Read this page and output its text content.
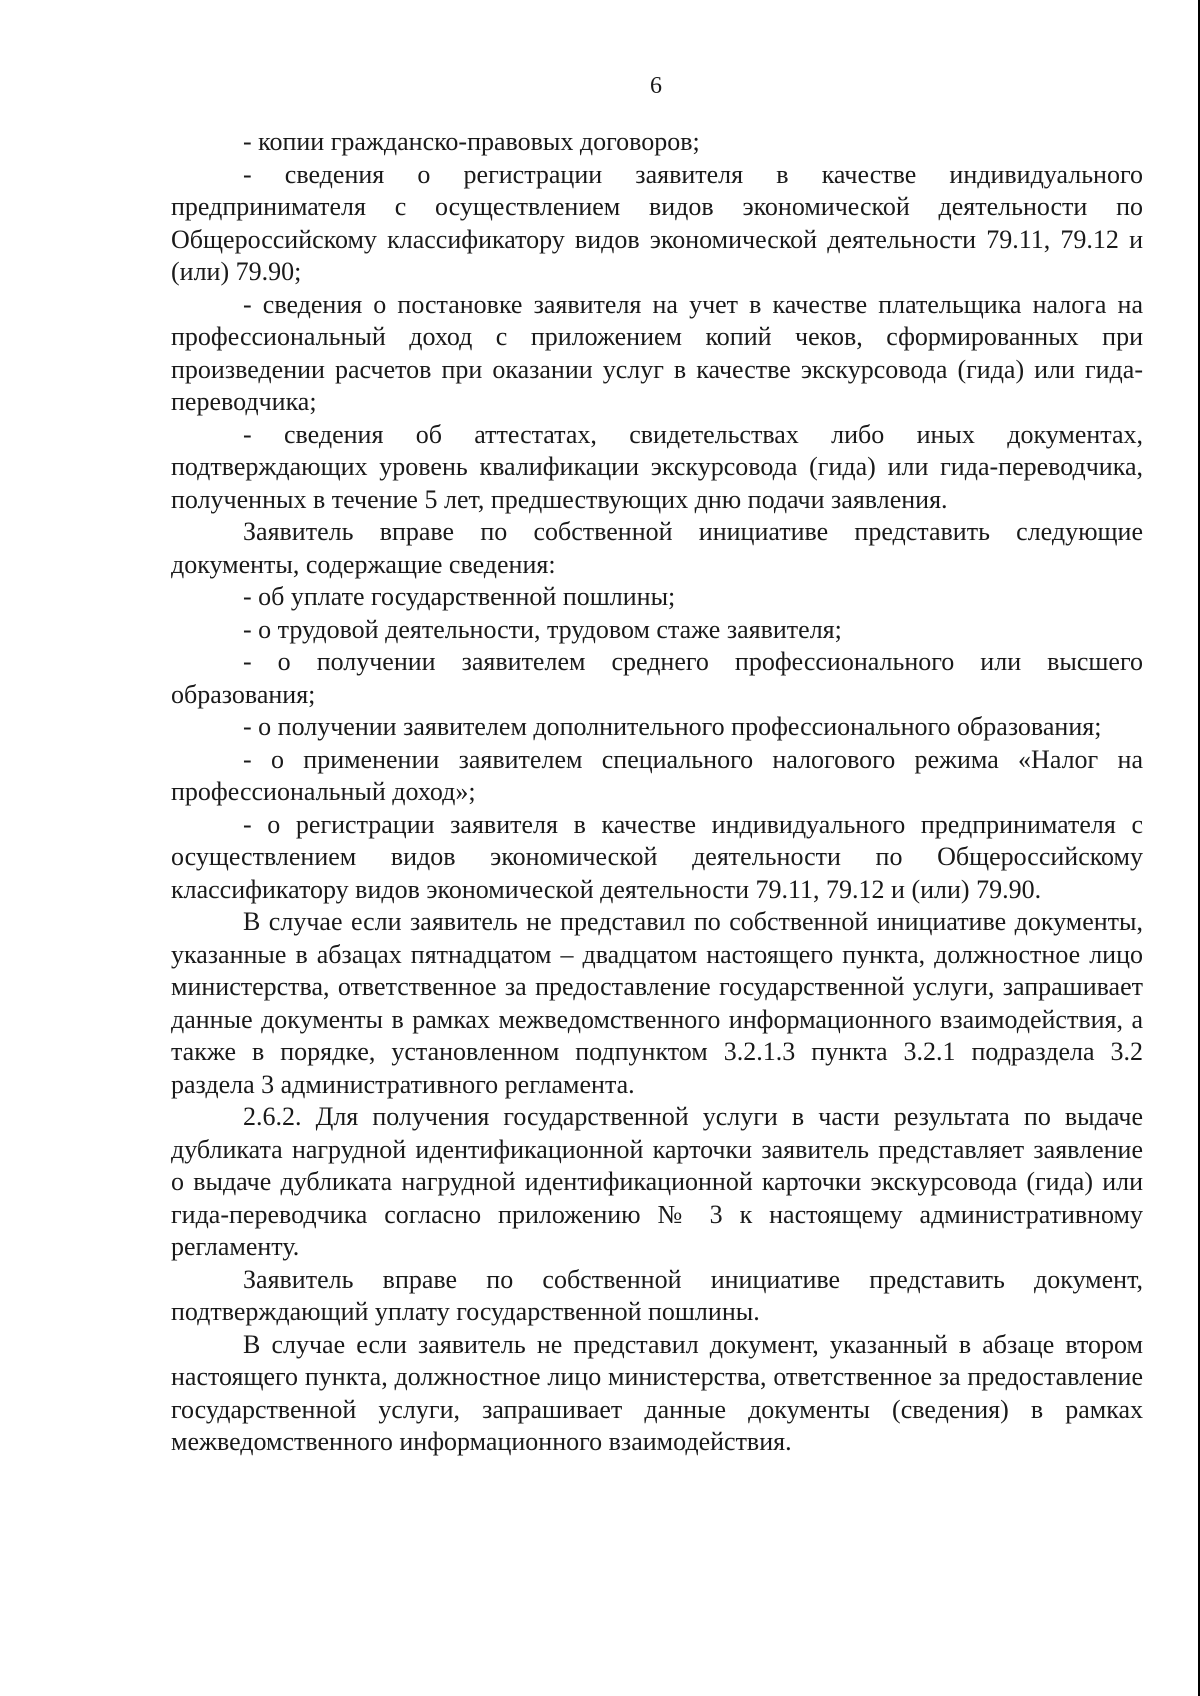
6

- копии гражданско-правовых договоров;

- сведения о регистрации заявителя в качестве индивидуального предпринимателя с осуществлением видов экономической деятельности по Общероссийскому классификатору видов экономической деятельности 79.11, 79.12 и (или) 79.90;

- сведения о постановке заявителя на учет в качестве плательщика налога на профессиональный доход с приложением копий чеков, сформированных при произведении расчетов при оказании услуг в качестве экскурсовода (гида) или гида-переводчика;

- сведения об аттестатах, свидетельствах либо иных документах, подтверждающих уровень квалификации экскурсовода (гида) или гида-переводчика, полученных в течение 5 лет, предшествующих дню подачи заявления.

Заявитель вправе по собственной инициативе представить следующие документы, содержащие сведения:

- об уплате государственной пошлины;

- о трудовой деятельности, трудовом стаже заявителя;

- о получении заявителем среднего профессионального или высшего образования;

- о получении заявителем дополнительного профессионального образования;

- о применении заявителем специального налогового режима «Налог на профессиональный доход»;

- о регистрации заявителя в качестве индивидуального предпринимателя с осуществлением видов экономической деятельности по Общероссийскому классификатору видов экономической деятельности 79.11, 79.12 и (или) 79.90.

В случае если заявитель не представил по собственной инициативе документы, указанные в абзацах пятнадцатом – двадцатом настоящего пункта, должностное лицо министерства, ответственное за предоставление государственной услуги, запрашивает данные документы в рамках межведомственного информационного взаимодействия, а также в порядке, установленном подпунктом 3.2.1.3 пункта 3.2.1 подраздела 3.2 раздела 3 административного регламента.

2.6.2. Для получения государственной услуги в части результата по выдаче дубликата нагрудной идентификационной карточки заявитель представляет заявление о выдаче дубликата нагрудной идентификационной карточки экскурсовода (гида) или гида-переводчика согласно приложению № 3 к настоящему административному регламенту.

Заявитель вправе по собственной инициативе представить документ, подтверждающий уплату государственной пошлины.

В случае если заявитель не представил документ, указанный в абзаце втором настоящего пункта, должностное лицо министерства, ответственное за предоставление государственной услуги, запрашивает данные документы (сведения) в рамках межведомственного информационного взаимодействия.
